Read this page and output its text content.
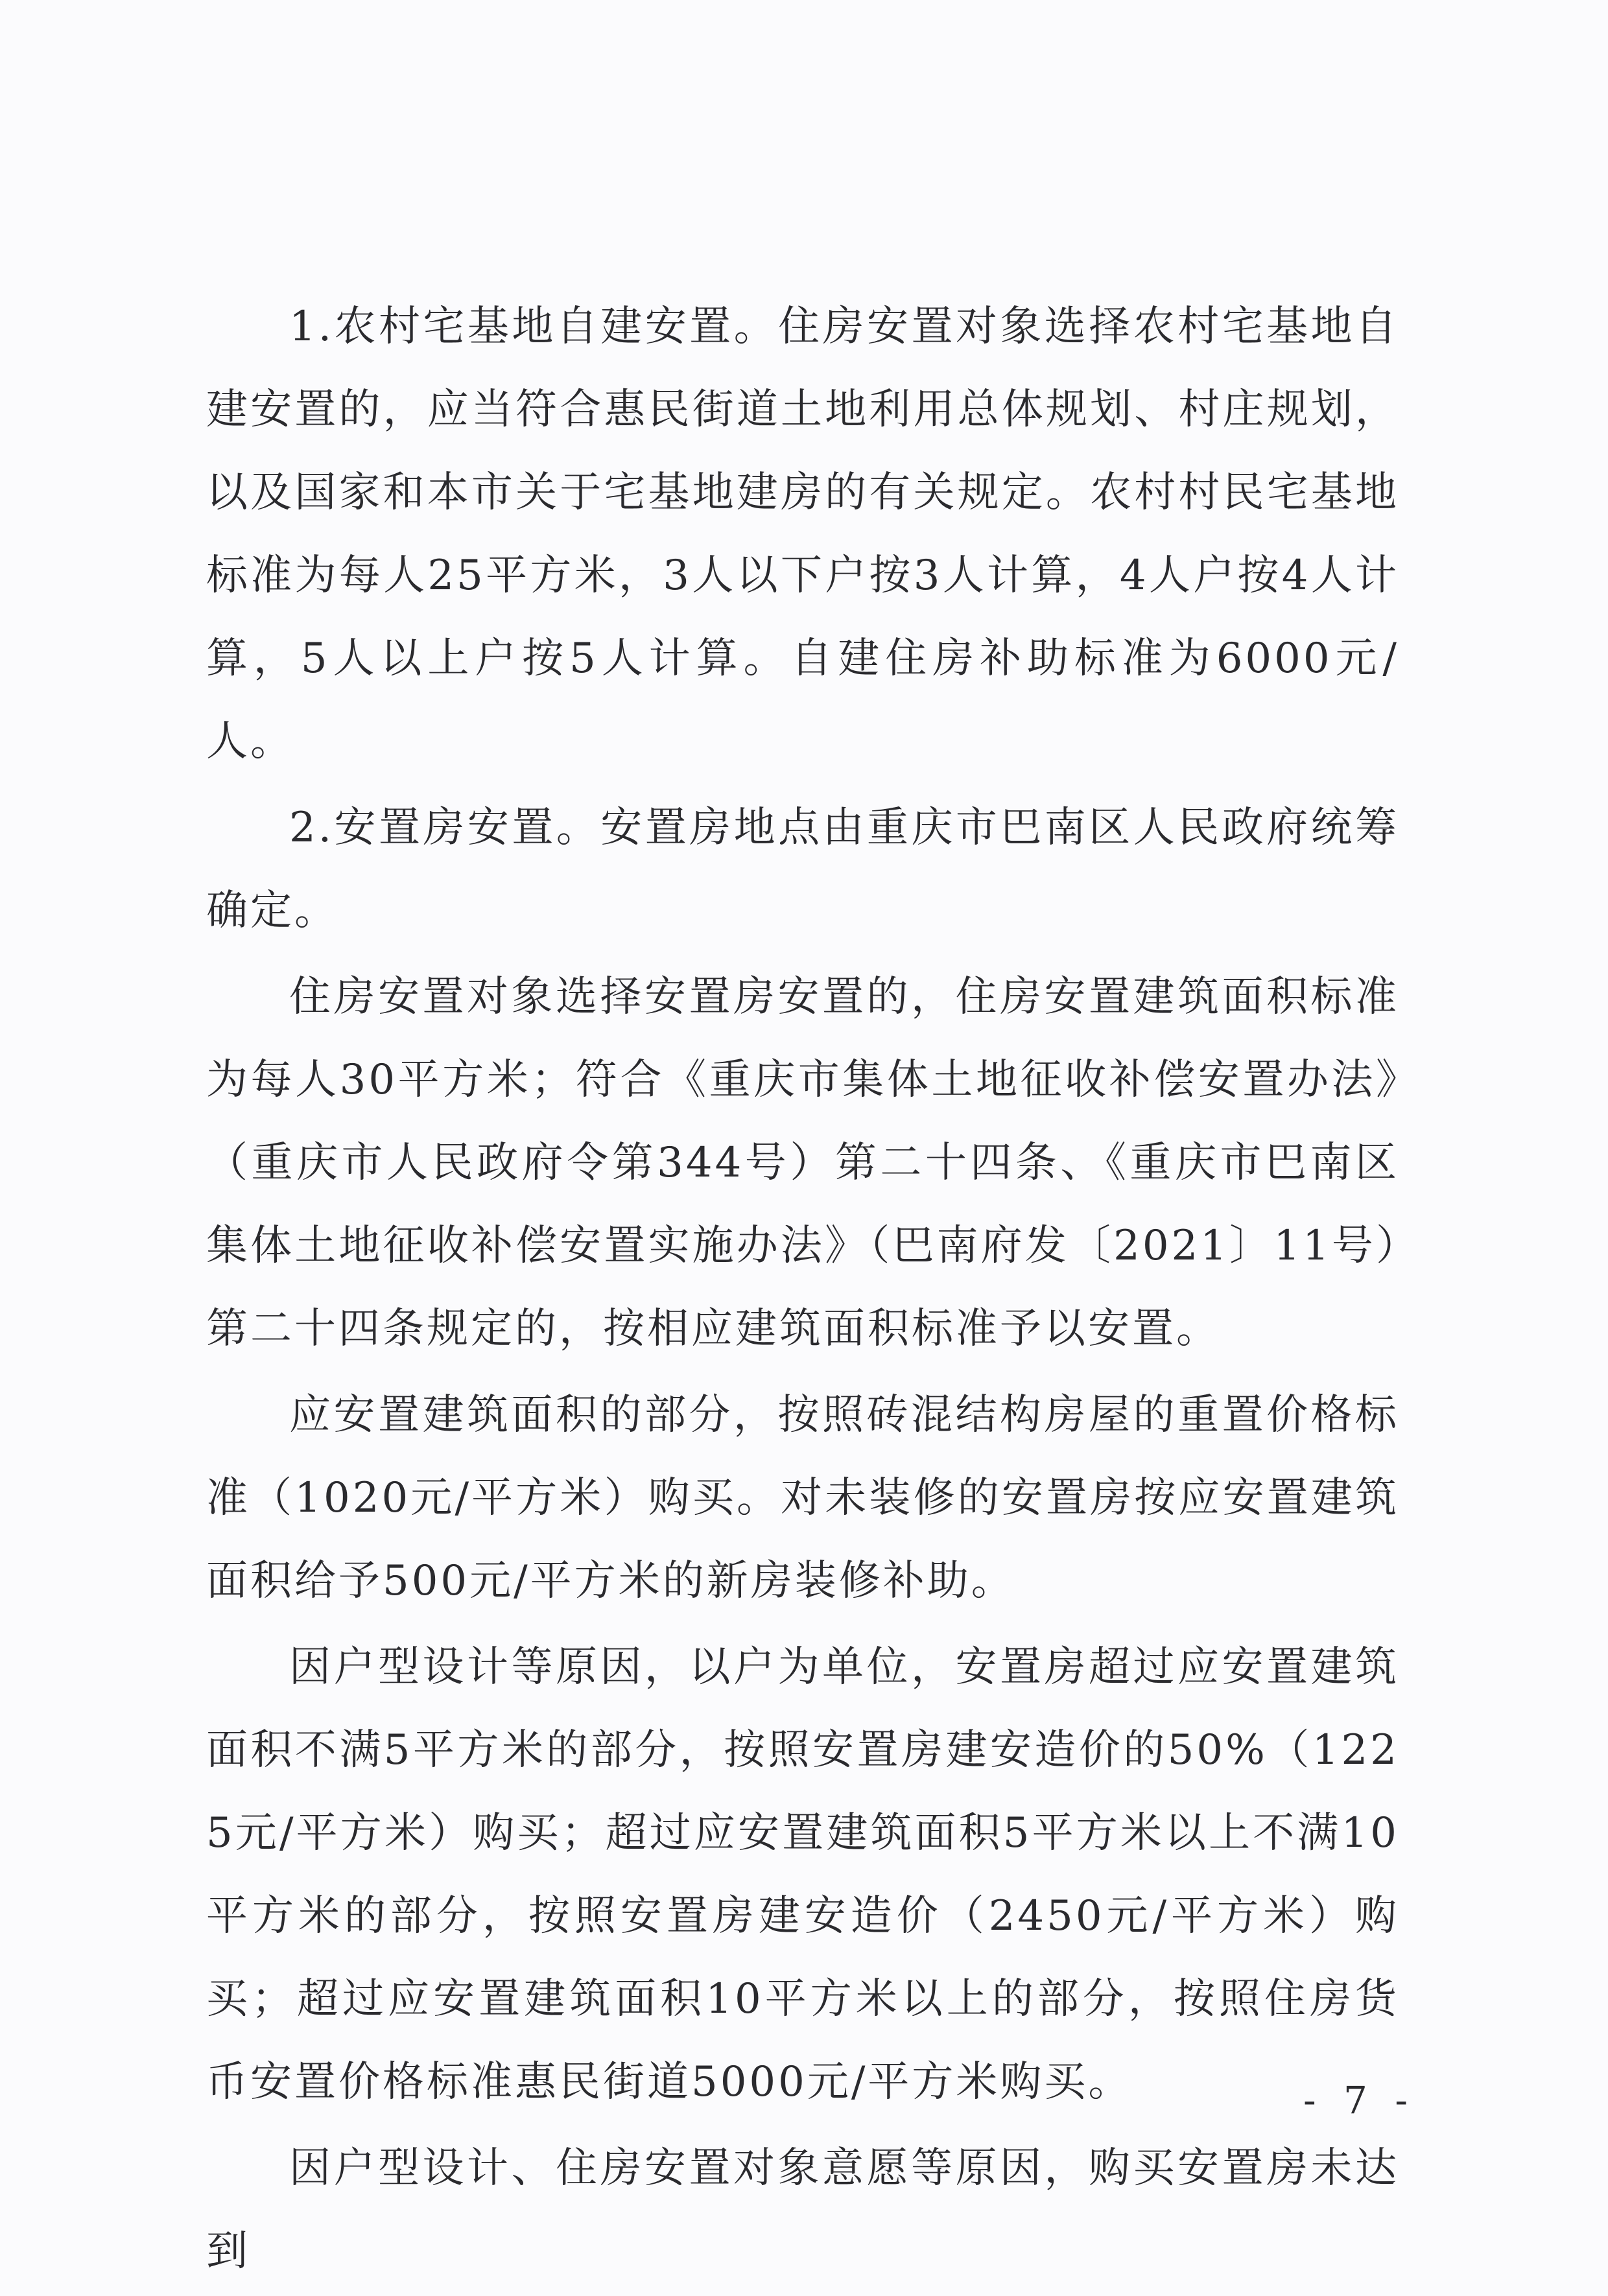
1.农村宅基地自建安置。住房安置对象选择农村宅基地自建安置的，应当符合惠民街道土地利用总体规划、村庄规划，以及国家和本市关于宅基地建房的有关规定。农村村民宅基地标准为每人25平方米，3人以下户按3人计算，4人户按4人计算，5人以上户按5人计算。自建住房补助标准为6000元/人。

2.安置房安置。安置房地点由重庆市巴南区人民政府统筹确定。

住房安置对象选择安置房安置的，住房安置建筑面积标准为每人30平方米；符合《重庆市集体土地征收补偿安置办法》（重庆市人民政府令第344号）第二十四条、《重庆市巴南区集体土地征收补偿安置实施办法》（巴南府发〔2021〕11号）第二十四条规定的，按相应建筑面积标准予以安置。

应安置建筑面积的部分，按照砖混结构房屋的重置价格标准（1020元/平方米）购买。对未装修的安置房按应安置建筑面积给予500元/平方米的新房装修补助。

因户型设计等原因，以户为单位，安置房超过应安置建筑面积不满5平方米的部分，按照安置房建安造价的50%（1225元/平方米）购买；超过应安置建筑面积5平方米以上不满10平方米的部分，按照安置房建安造价（2450元/平方米）购买；超过应安置建筑面积10平方米以上的部分，按照住房货币安置价格标准惠民街道5000元/平方米购买。

因户型设计、住房安置对象意愿等原因，购买安置房未达到

- 7 -
